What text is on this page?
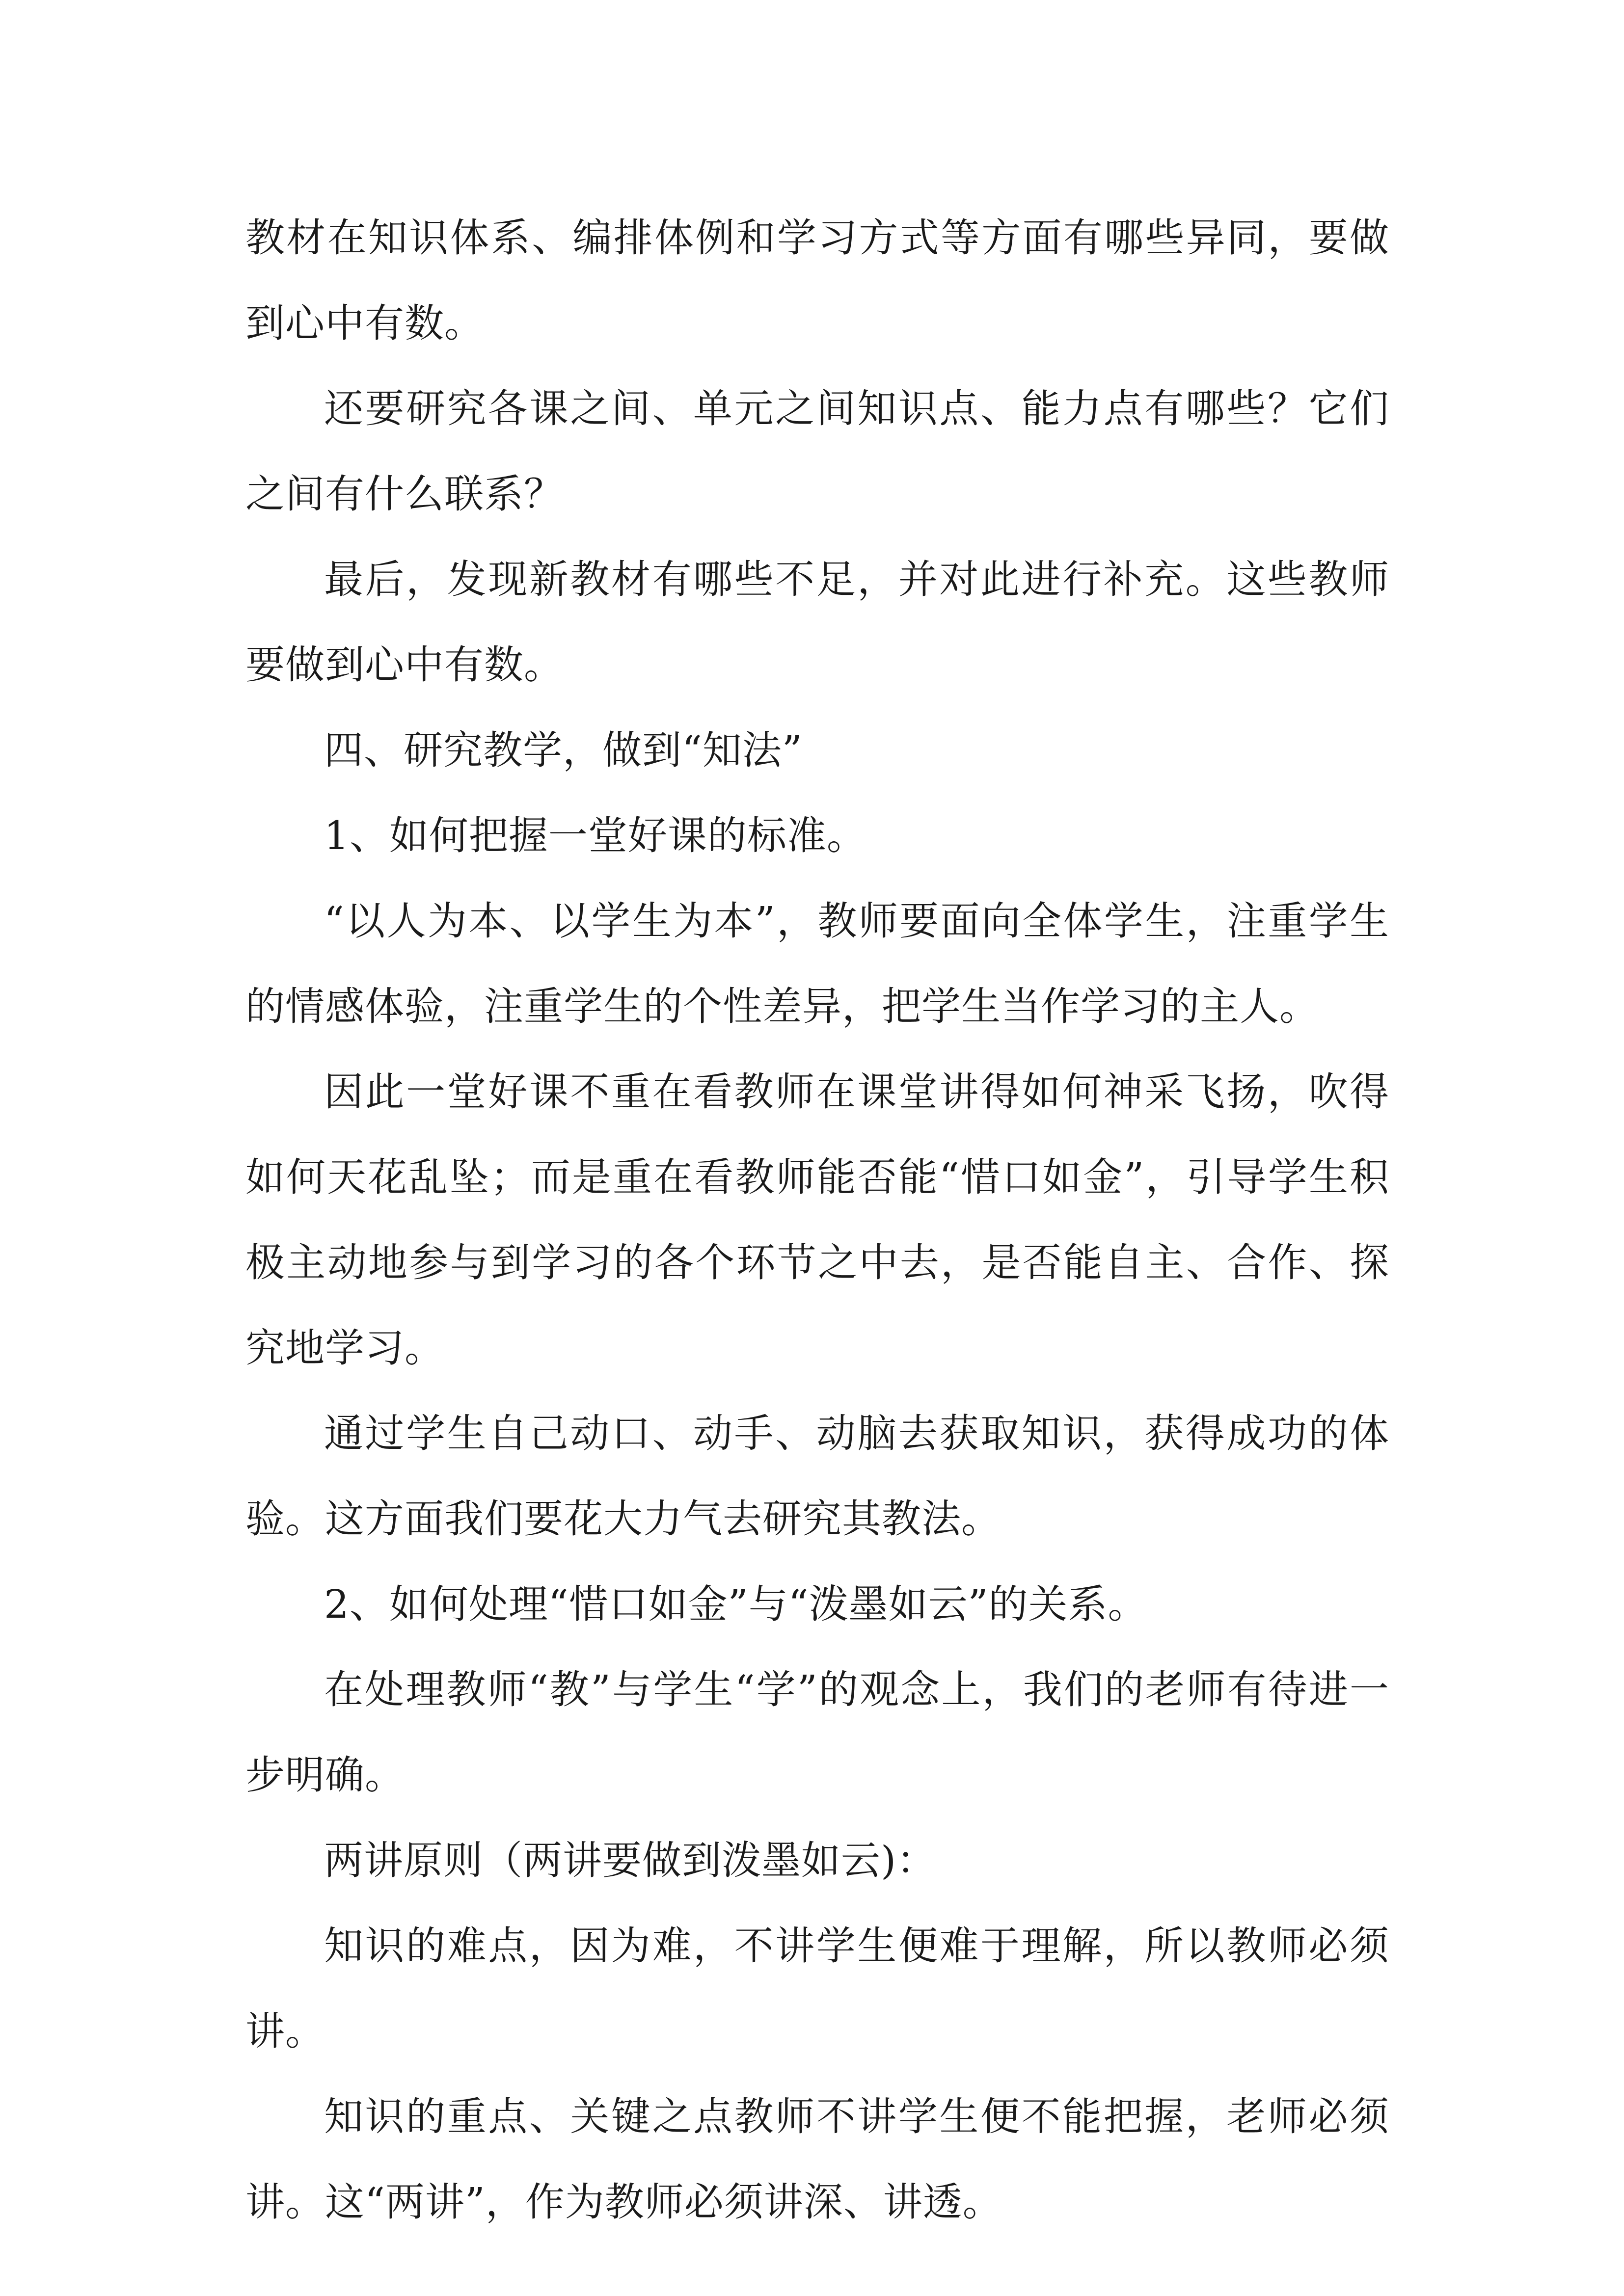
教材在知识体系、编排体例和学习方式等方面有哪些异同，要做到心中有数。

还要研究各课之间、单元之间知识点、能力点有哪些？它们之间有什么联系？

最后，发现新教材有哪些不足，并对此进行补充。这些教师要做到心中有数。

四、研究教学，做到“知法”

1、如何把握一堂好课的标准。

“以人为本、以学生为本”，教师要面向全体学生，注重学生的情感体验，注重学生的个性差异，把学生当作学习的主人。

因此一堂好课不重在看教师在课堂讲得如何神采飞扬，吹得如何天花乱坠；而是重在看教师能否能“惜口如金”，引导学生积极主动地参与到学习的各个环节之中去，是否能自主、合作、探究地学习。

通过学生自己动口、动手、动脑去获取知识，获得成功的体验。这方面我们要花大力气去研究其教法。

2、如何处理“惜口如金”与“泼墨如云”的关系。

在处理教师“教”与学生“学”的观念上，我们的老师有待进一步明确。

两讲原则（两讲要做到泼墨如云)：

知识的难点，因为难，不讲学生便难于理解，所以教师必须讲。

知识的重点、关键之点教师不讲学生便不能把握，老师必须讲。这“两讲”，作为教师必须讲深、讲透。
